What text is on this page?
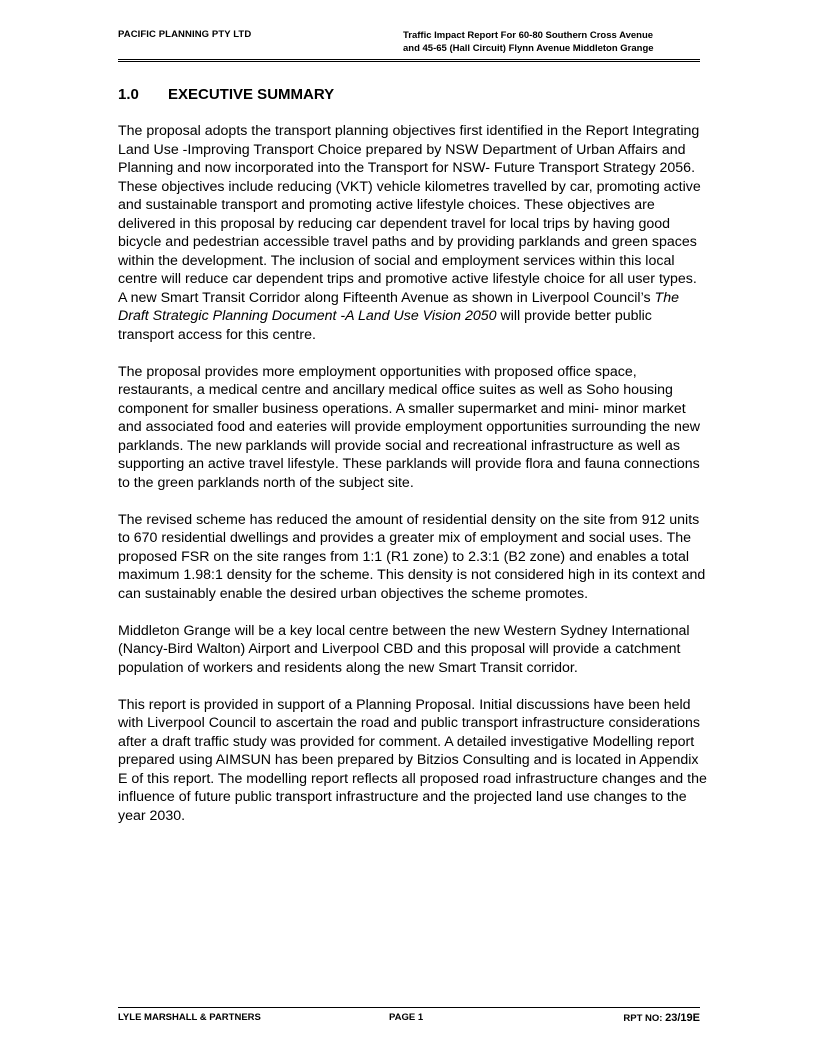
PACIFIC PLANNING PTY LTD	Traffic Impact Report For 60-80 Southern Cross Avenue
and 45-65 (Hall Circuit) Flynn Avenue Middleton Grange
1.0 EXECUTIVE SUMMARY

The proposal adopts the transport planning objectives first identified in the Report Integrating Land Use -Improving Transport Choice prepared by NSW Department of Urban Affairs and Planning and now incorporated into the Transport for NSW- Future Transport Strategy 2056. These objectives include reducing (VKT) vehicle kilometres travelled by car, promoting active and sustainable transport and promoting active lifestyle choices. These objectives are delivered in this proposal by reducing car dependent travel for local trips by having good bicycle and pedestrian accessible travel paths and by providing parklands and green spaces within the development. The inclusion of social and employment services within this local centre will reduce car dependent trips and promotive active lifestyle choice for all user types. A new Smart Transit Corridor along Fifteenth Avenue as shown in Liverpool Council’s The Draft Strategic Planning Document -A Land Use Vision 2050 will provide better public transport access for this centre.

The proposal provides more employment opportunities with proposed office space, restaurants, a medical centre and ancillary medical office suites as well as Soho housing component for smaller business operations. A smaller supermarket and mini- minor market and associated food and eateries will provide employment opportunities surrounding the new parklands. The new parklands will provide social and recreational infrastructure as well as supporting an active travel lifestyle. These parklands will provide flora and fauna connections to the green parklands north of the subject site.

The revised scheme has reduced the amount of residential density on the site from 912 units to 670 residential dwellings and provides a greater mix of employment and social uses. The proposed FSR on the site ranges from 1:1 (R1 zone) to 2.3:1 (B2 zone) and enables a total maximum 1.98:1 density for the scheme. This density is not considered high in its context and can sustainably enable the desired urban objectives the scheme promotes.

Middleton Grange will be a key local centre between the new Western Sydney International (Nancy-Bird Walton) Airport and Liverpool CBD and this proposal will provide a catchment population of workers and residents along the new Smart Transit corridor.

This report is provided in support of a Planning Proposal. Initial discussions have been held with Liverpool Council to ascertain the road and public transport infrastructure considerations after a draft traffic study was provided for comment. A detailed investigative Modelling report prepared using AIMSUN has been prepared by Bitzios Consulting and is located in Appendix E of this report. The modelling report reflects all proposed road infrastructure changes and the influence of future public transport infrastructure and the projected land use changes to the year 2030.

LYLE MARSHALL & PARTNERS	PAGE 1	RPT NO: 23/19E
